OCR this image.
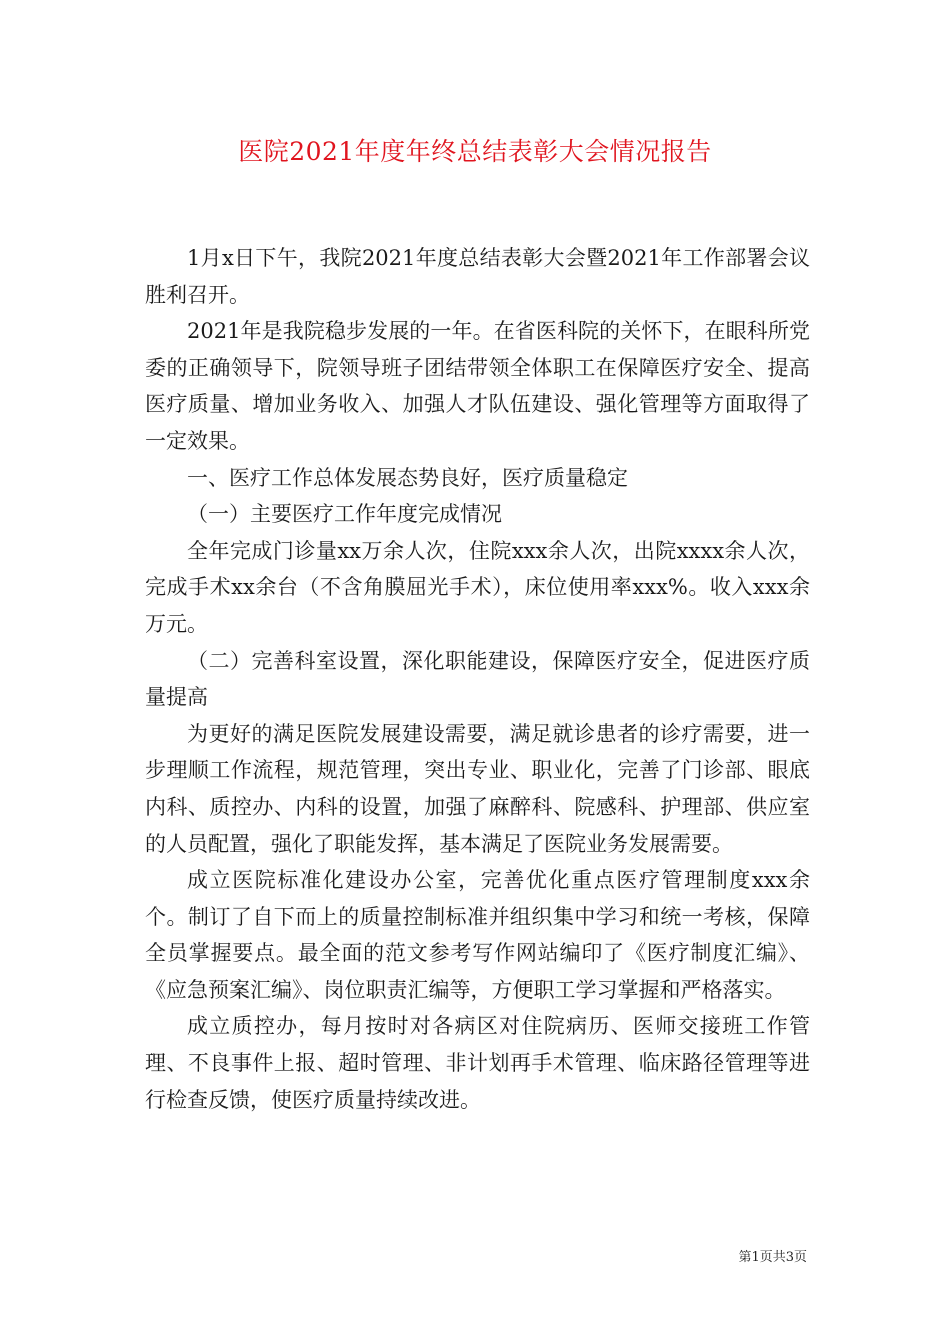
医院2021年度年终总结表彰大会情况报告

1月x日下午，我院2021年度总结表彰大会暨2021年工作部署会议胜利召开。

2021年是我院稳步发展的一年。在省医科院的关怀下，在眼科所党委的正确领导下，院领导班子团结带领全体职工在保障医疗安全、提高医疗质量、增加业务收入、加强人才队伍建设、强化管理等方面取得了一定效果。

一、医疗工作总体发展态势良好，医疗质量稳定

（一）主要医疗工作年度完成情况

全年完成门诊量xx万余人次，住院xxx余人次，出院xxxx余人次，完成手术xx余台（不含角膜屈光手术），床位使用率xxx%。收入xxx余万元。

（二）完善科室设置，深化职能建设，保障医疗安全，促进医疗质量提高

为更好的满足医院发展建设需要，满足就诊患者的诊疗需要，进一步理顺工作流程，规范管理，突出专业、职业化，完善了门诊部、眼底内科、质控办、内科的设置，加强了麻醉科、院感科、护理部、供应室的人员配置，强化了职能发挥，基本满足了医院业务发展需要。

成立医院标准化建设办公室，完善优化重点医疗管理制度xxx余个。制订了自下而上的质量控制标准并组织集中学习和统一考核，保障全员掌握要点。最全面的范文参考写作网站编印了《医疗制度汇编》、《应急预案汇编》、岗位职责汇编等，方便职工学习掌握和严格落实。

成立质控办，每月按时对各病区对住院病历、医师交接班工作管理、不良事件上报、超时管理、非计划再手术管理、临床路径管理等进行检查反馈，使医疗质量持续改进。

第1页共3页
